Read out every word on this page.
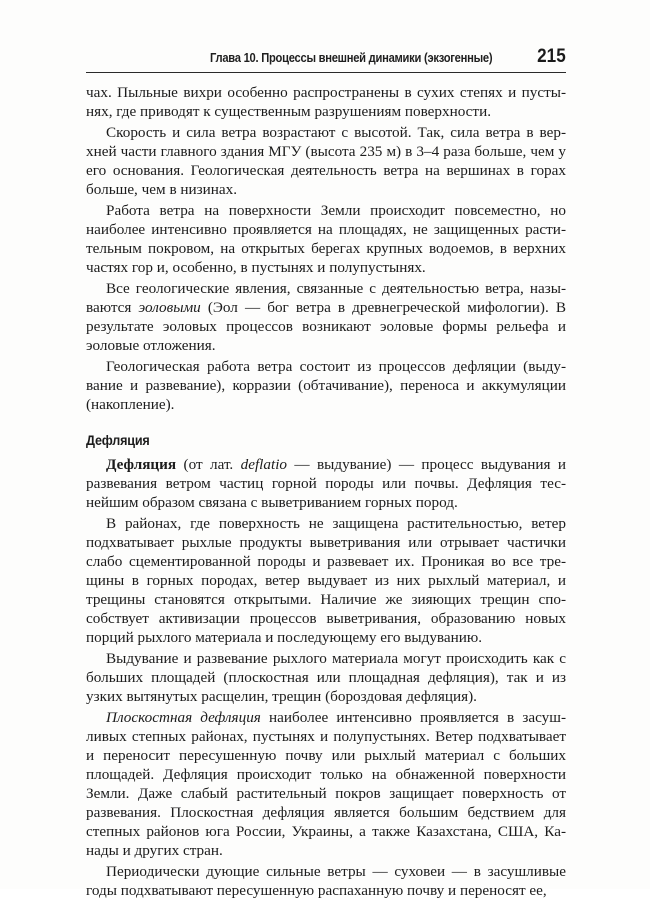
Глава 10. Процессы внешней динамики (экзогенные) 215

чах. Пыльные вихри особенно распространены в сухих степях и пустынях, где приводят к существенным разрушениям поверхности.

Скорость и сила ветра возрастают с высотой. Так, сила ветра в верхней части главного здания МГУ (высота 235 м) в 3–4 раза больше, чем у его основания. Геологическая деятельность ветра на вершинах в горах больше, чем в низинах.

Работа ветра на поверхности Земли происходит повсеместно, но наиболее интенсивно проявляется на площадях, не защищенных растительным покровом, на открытых берегах крупных водоемов, в верхних частях гор и, особенно, в пустынях и полупустынях.

Все геологические явления, связанные с деятельностью ветра, называются эоловыми (Эол — бог ветра в древнегреческой мифологии). В результате эоловых процессов возникают эоловые формы рельефа и эоловые отложения.

Геологическая работа ветра состоит из процессов дефляции (выдувание и развевание), корразии (обтачивание), переноса и аккумуляции (накопление).

Дефляция

Дефляция (от лат. deflatio — выдувание) — процесс выдувания и развевания ветром частиц горной породы или почвы. Дефляция теснейшим образом связана с выветриванием горных пород.

В районах, где поверхность не защищена растительностью, ветер подхватывает рыхлые продукты выветривания или отрывает частички слабо сцементированной породы и развевает их. Проникая во все трещины в горных породах, ветер выдувает из них рыхлый материал, и трещины становятся открытыми. Наличие же зияющих трещин способствует активизации процессов выветривания, образованию новых порций рыхлого материала и последующему его выдуванию.

Выдувание и развевание рыхлого материала могут происходить как с больших площадей (плоскостная или площадная дефляция), так и из узких вытянутых расщелин, трещин (бороздовая дефляция).

Плоскостная дефляция наиболее интенсивно проявляется в засушливых степных районах, пустынях и полупустынях. Ветер подхватывает и переносит пересушенную почву или рыхлый материал с больших площадей. Дефляция происходит только на обнаженной поверхности Земли. Даже слабый растительный покров защищает поверхность от развевания. Плоскостная дефляция является большим бедствием для степных районов юга России, Украины, а также Казахстана, США, Канады и других стран.

Периодически дующие сильные ветры — суховеи — в засушливые годы подхватывают пересушенную распаханную почву и переносят ее,
